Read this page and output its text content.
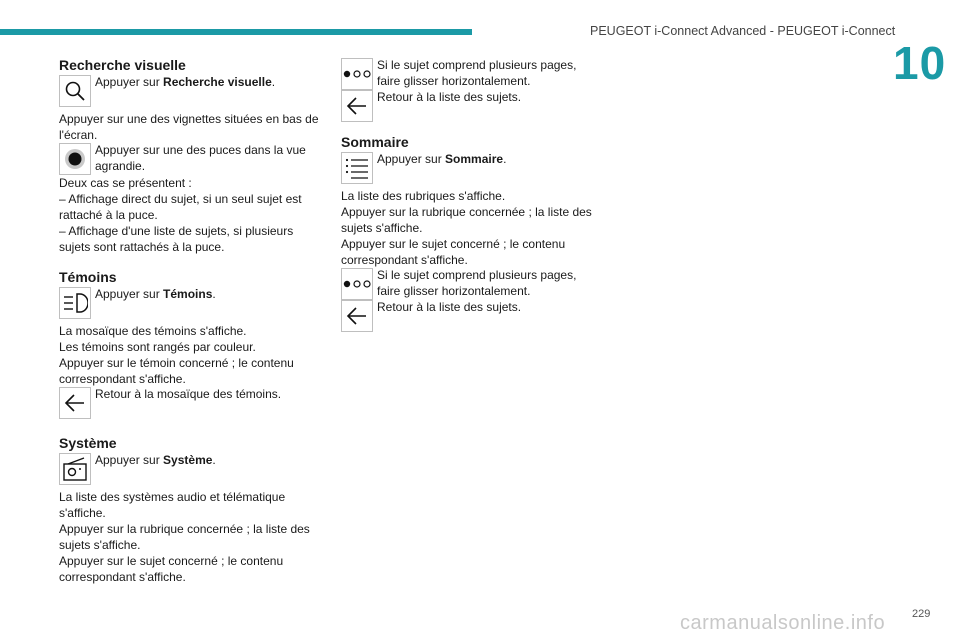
PEUGEOT i-Connect Advanced - PEUGEOT i-Connect
10
Recherche visuelle
Appuyer sur Recherche visuelle.

Appuyer sur une des vignettes situées en bas de l'écran.

Appuyer sur une des puces dans la vue agrandie.

Deux cas se présentent :

– Affichage direct du sujet, si un seul sujet est rattaché à la puce.

– Affichage d'une liste de sujets, si plusieurs sujets sont rattachés à la puce.

Témoins
Appuyer sur Témoins.

La mosaïque des témoins s'affiche.

Les témoins sont rangés par couleur.

Appuyer sur le témoin concerné ; le contenu correspondant s'affiche.

Retour à la mosaïque des témoins.
Système
Appuyer sur Système.

La liste des systèmes audio et télématique s'affiche.

Appuyer sur la rubrique concernée ; la liste des sujets s'affiche.

Appuyer sur le sujet concerné ; le contenu correspondant s'affiche.

Si le sujet comprend plusieurs pages, faire glisser horizontalement.
Retour à la liste des sujets.
Sommaire
Appuyer sur Sommaire.

La liste des rubriques s'affiche.

Appuyer sur la rubrique concernée ; la liste des sujets s'affiche.

Appuyer sur le sujet concerné ; le contenu correspondant s'affiche.

Si le sujet comprend plusieurs pages, faire glisser horizontalement.
Retour à la liste des sujets.
carmanualsonline.info 229
